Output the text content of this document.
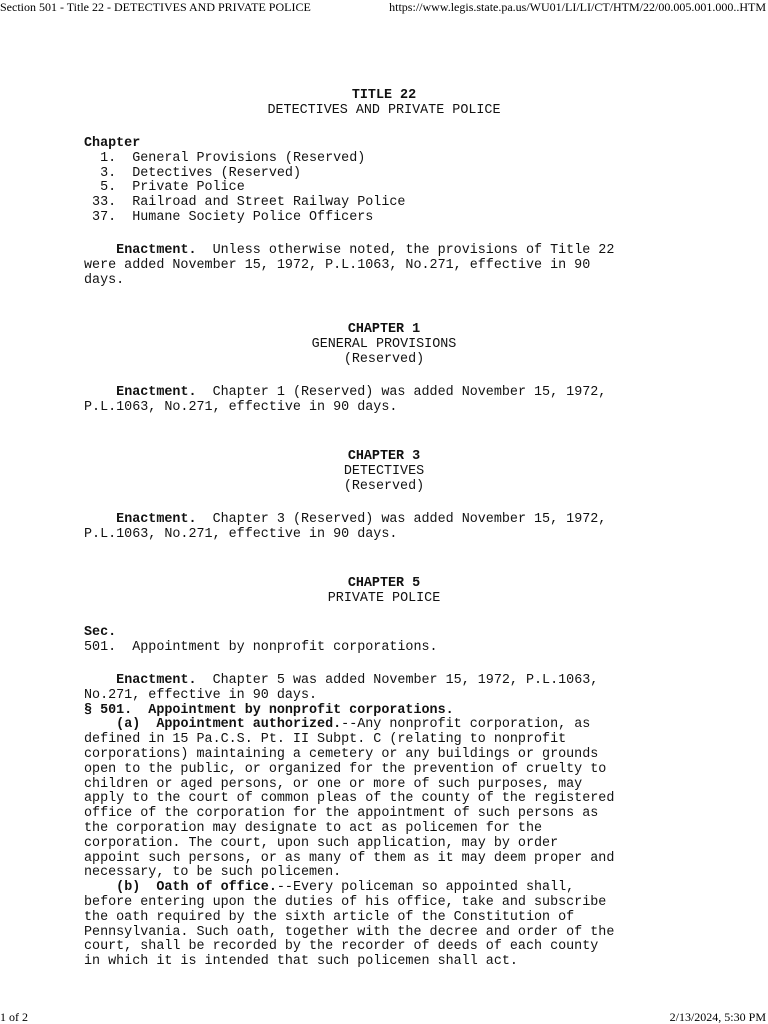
Section 501 - Title 22 - DETECTIVES AND PRIVATE POLICE	https://www.legis.state.pa.us/WU01/LI/LI/CT/HTM/22/00.005.001.000..HTM
TITLE 22
DETECTIVES AND PRIVATE POLICE
Chapter
1. General Provisions (Reserved)
3. Detectives (Reserved)
5. Private Police
33. Railroad and Street Railway Police
37. Humane Society Police Officers
Enactment. Unless otherwise noted, the provisions of Title 22
were added November 15, 1972, P.L.1063, No.271, effective in 90
days.
CHAPTER 1
GENERAL PROVISIONS
(Reserved)
Enactment. Chapter 1 (Reserved) was added November 15, 1972,
P.L.1063, No.271, effective in 90 days.
CHAPTER 3
DETECTIVES
(Reserved)
Enactment. Chapter 3 (Reserved) was added November 15, 1972,
P.L.1063, No.271, effective in 90 days.
CHAPTER 5
PRIVATE POLICE
Sec.
501.  Appointment by nonprofit corporations.
Enactment. Chapter 5 was added November 15, 1972, P.L.1063,
No.271, effective in 90 days.
§ 501.  Appointment by nonprofit corporations.
(a)  Appointment authorized.--Any nonprofit corporation, as
defined in 15 Pa.C.S. Pt. II Subpt. C (relating to nonprofit
corporations) maintaining a cemetery or any buildings or grounds
open to the public, or organized for the prevention of cruelty to
children or aged persons, or one or more of such purposes, may
apply to the court of common pleas of the county of the registered
office of the corporation for the appointment of such persons as
the corporation may designate to act as policemen for the
corporation. The court, upon such application, may by order
appoint such persons, or as many of them as it may deem proper and
necessary, to be such policemen.
(b)  Oath of office.--Every policeman so appointed shall,
before entering upon the duties of his office, take and subscribe
the oath required by the sixth article of the Constitution of
Pennsylvania. Such oath, together with the decree and order of the
court, shall be recorded by the recorder of deeds of each county
in which it is intended that such policemen shall act.
1 of 2	2/13/2024, 5:30 PM
